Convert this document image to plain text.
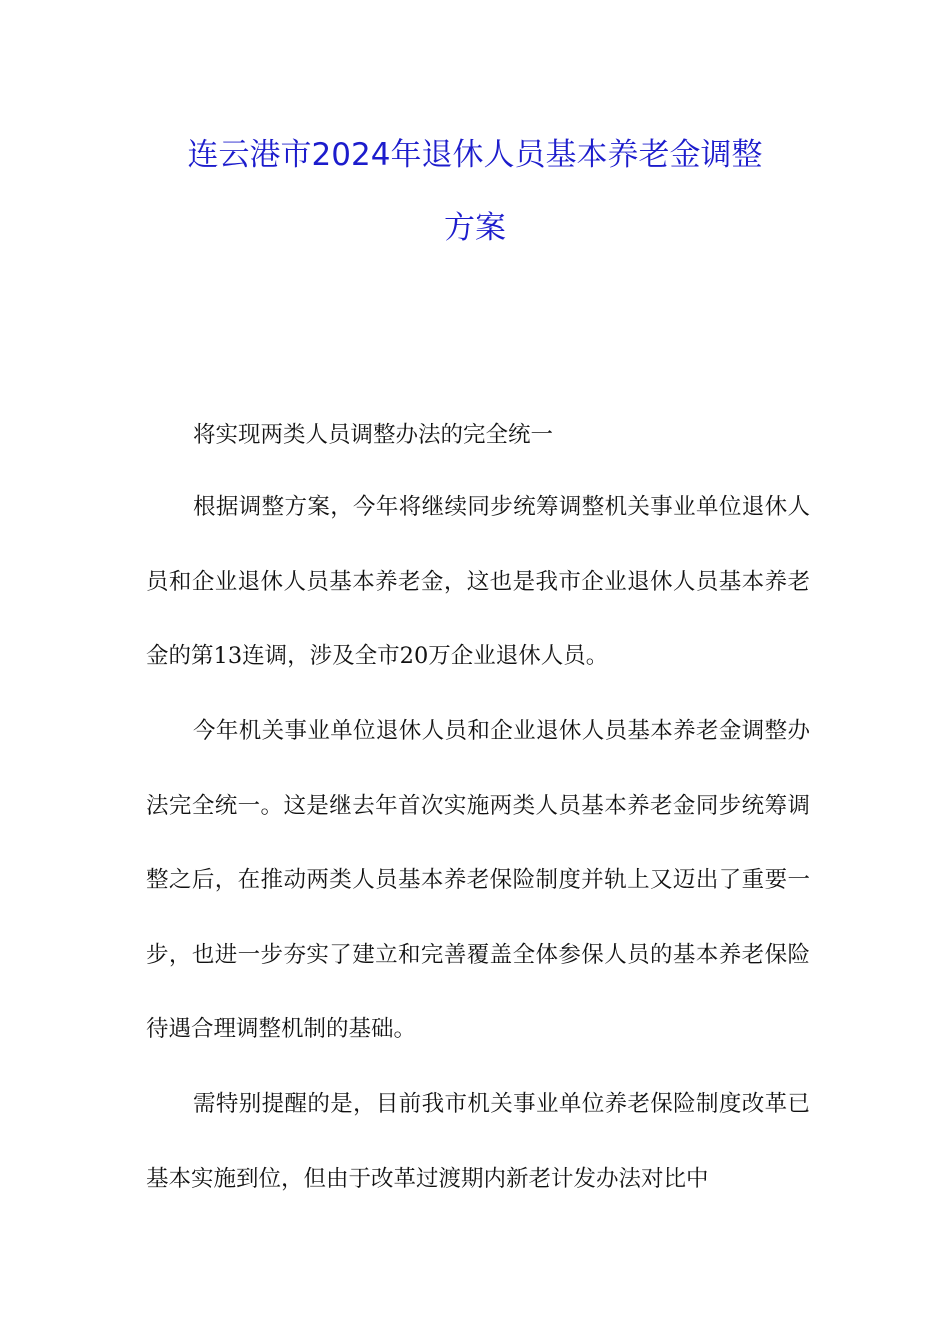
连云港市2024年退休人员基本养老金调整
方案

将实现两类人员调整办法的完全统一

根据调整方案，今年将继续同步统筹调整机关事业单位退休人员和企业退休人员基本养老金，这也是我市企业退休人员基本养老金的第13连调，涉及全市20万企业退休人员。

今年机关事业单位退休人员和企业退休人员基本养老金调整办法完全统一。这是继去年首次实施两类人员基本养老金同步统筹调整之后，在推动两类人员基本养老保险制度并轨上又迈出了重要一步，也进一步夯实了建立和完善覆盖全体参保人员的基本养老保险待遇合理调整机制的基础。

需特别提醒的是，目前我市机关事业单位养老保险制度改革已基本实施到位，但由于改革过渡期内新老计发办法对比中
